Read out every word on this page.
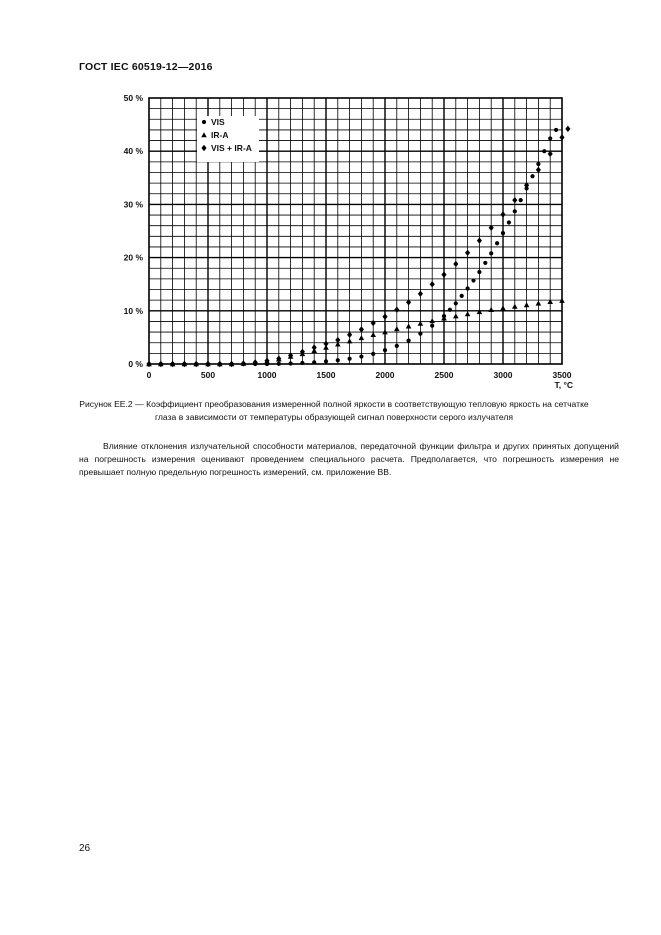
ГОСТ IEC 60519-12—2016
0 %
10 %
20 %
30 %
40 %
50 %
0	500	1000	1500	2000	2500	3000	3500
T, °C
VIS
IR-A
VIS + IR-A
Рисунок ЕЕ.2 — Коэффициент преобразования измеренной полной яркости в соответствующую тепловую яркость на сетчатке глаза в зависимости от температуры образующей сигнал поверхности серого излучателя
Влияние отклонения излучательной способности материалов, передаточной функции фильтра и других принятых допущений на погрешность измерения оценивают проведением специального расчета. Предполагается, что погрешность измерения не превышает полную предельную погрешность измерений, см. приложение ВВ.
26
